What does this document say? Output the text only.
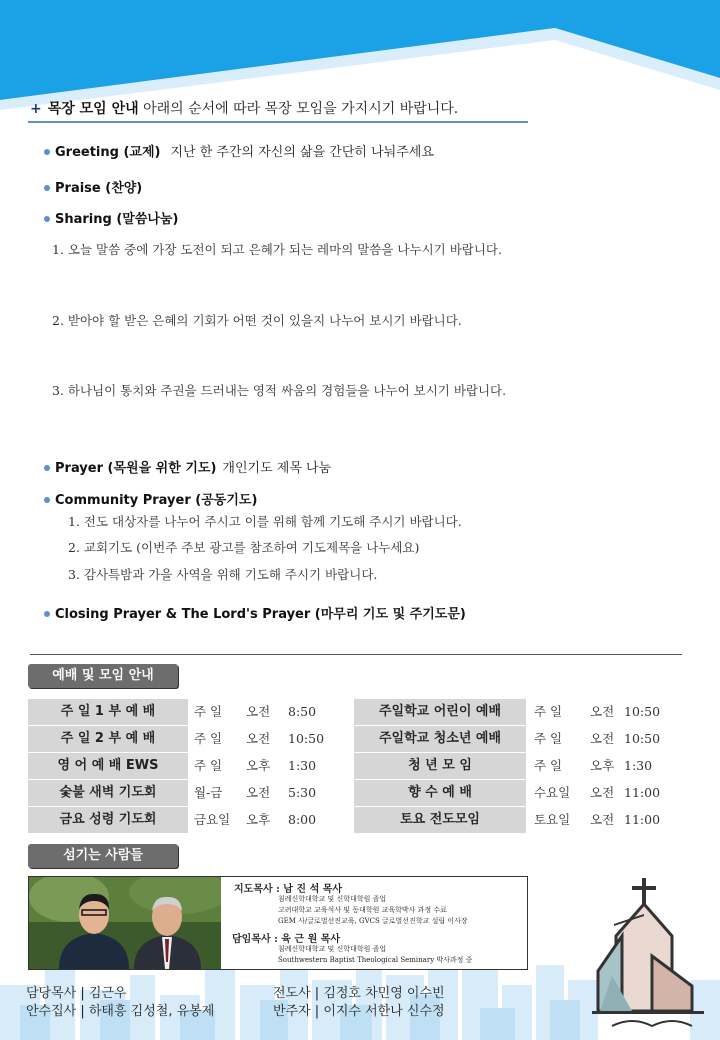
+ 목장 모임 안내 아래의 순서에 따라 목장 모임을 가지시기 바랍니다.
Greeting (교제) 지난 한 주간의 자신의 삶을 간단히 나눠주세요
Praise (찬양)
Sharing (말씀나눔)
1. 오늘 말씀 중에 가장 도전이 되고 은혜가 되는 레마의 말씀을 나누시기 바랍니다.
2. 받아야 할 받은 은혜의 기회가 어떤 것이 있을지 나누어 보시기 바랍니다.
3. 하나님이 통치와 주권을 드러내는 영적 싸움의 경험들을 나누어 보시기 바랍니다.
Prayer (목원을 위한 기도) 개인기도 제목 나눔
Community Prayer (공동기도)
1. 전도 대상자를 나누어 주시고 이를 위해 함께 기도해 주시기 바랍니다.
2. 교회기도 (이번주 주보 광고를 참조하여 기도제목을 나누세요)
3. 감사특밤과 가을 사역을 위해 기도해 주시기 바랍니다.
Closing Prayer & The Lord's Prayer (마무리 기도 및 주기도문)
예배 및 모임 안내
주 일 1 부 예 배
주 일 2 부 예 배
영 어 예 배 EWS
숯불 새벽 기도회
금요 성령 기도회
주 일 오전 8:50
주 일 오전 10:50
주 일 오후 1:30
월-금 오전 5:30
금요일 오후 8:00
주일학교 어린이 예배
주일학교 청소년 예배
청 년 모 임
향 수 예 배
토요 전도모임
주 일 오전 10:50
주 일 오전 10:50
주 일 오후 1:30
수요일 오전 11:00
토요일 오전 11:00
섬기는 사람들
지도목사 : 남 진 석 목사
침례신학대학교 및 신학대학원 졸업
고려대학교 교육석사 및 동대학원 교육학박사 과정 수료
GEM 사/글로벌선진교육, GVCS 글로벌선진학교 설립 이사장
담임목사 : 육 근 원 목사
침례신학대학교 및 신학대학원 졸업
Southwestern Baptist Theological Seminary 박사과정 중
담당목사 | 김근우
안수집사 | 하태흥 김성철, 유봉제
전도사 | 김정호 차민영 이수빈
반주자 | 이지수 서한나 신수정
